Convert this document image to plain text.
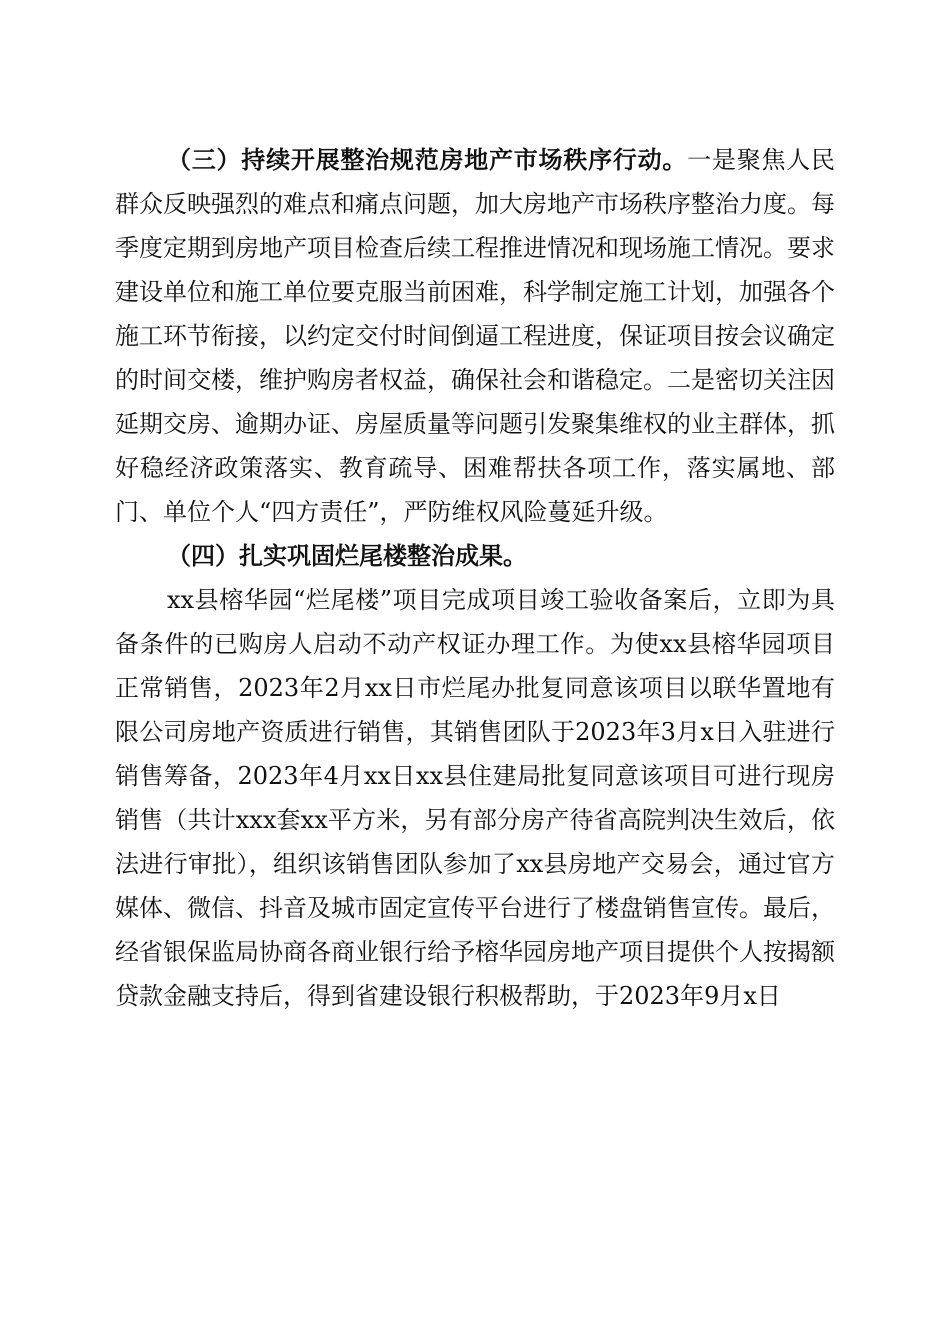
（三）持续开展整治规范房地产市场秩序行动。一是聚焦人民群众反映强烈的难点和痛点问题，加大房地产市场秩序整治力度。每季度定期到房地产项目检查后续工程推进情况和现场施工情况。要求建设单位和施工单位要克服当前困难，科学制定施工计划，加强各个施工环节衔接，以约定交付时间倒逼工程进度，保证项目按会议确定的时间交楼，维护购房者权益，确保社会和谐稳定。二是密切关注因延期交房、逾期办证、房屋质量等问题引发聚集维权的业主群体，抓好稳经济政策落实、教育疏导、困难帮扶各项工作，落实属地、部门、单位个人“四方责任”，严防维权风险蔓延升级。

（四）扎实巩固烂尾楼整治成果。

xx县榕华园“烂尾楼”项目完成项目竣工验收备案后，立即为具备条件的已购房人启动不动产权证办理工作。为使xx县榕华园项目正常销售，2023年2月xx日市烂尾办批复同意该项目以联华置地有限公司房地产资质进行销售，其销售团队于2023年3月x日入驻进行销售筹备，2023年4月xx日xx县住建局批复同意该项目可进行现房销售（共计xxx套xx平方米，另有部分房产待省高院判决生效后，依法进行审批），组织该销售团队参加了xx县房地产交易会，通过官方媒体、微信、抖音及城市固定宣传平台进行了楼盘销售宣传。最后，经省银保监局协商各商业银行给予榕华园房地产项目提供个人按揭额贷款金融支持后，得到省建设银行积极帮助，于2023年9月x日
